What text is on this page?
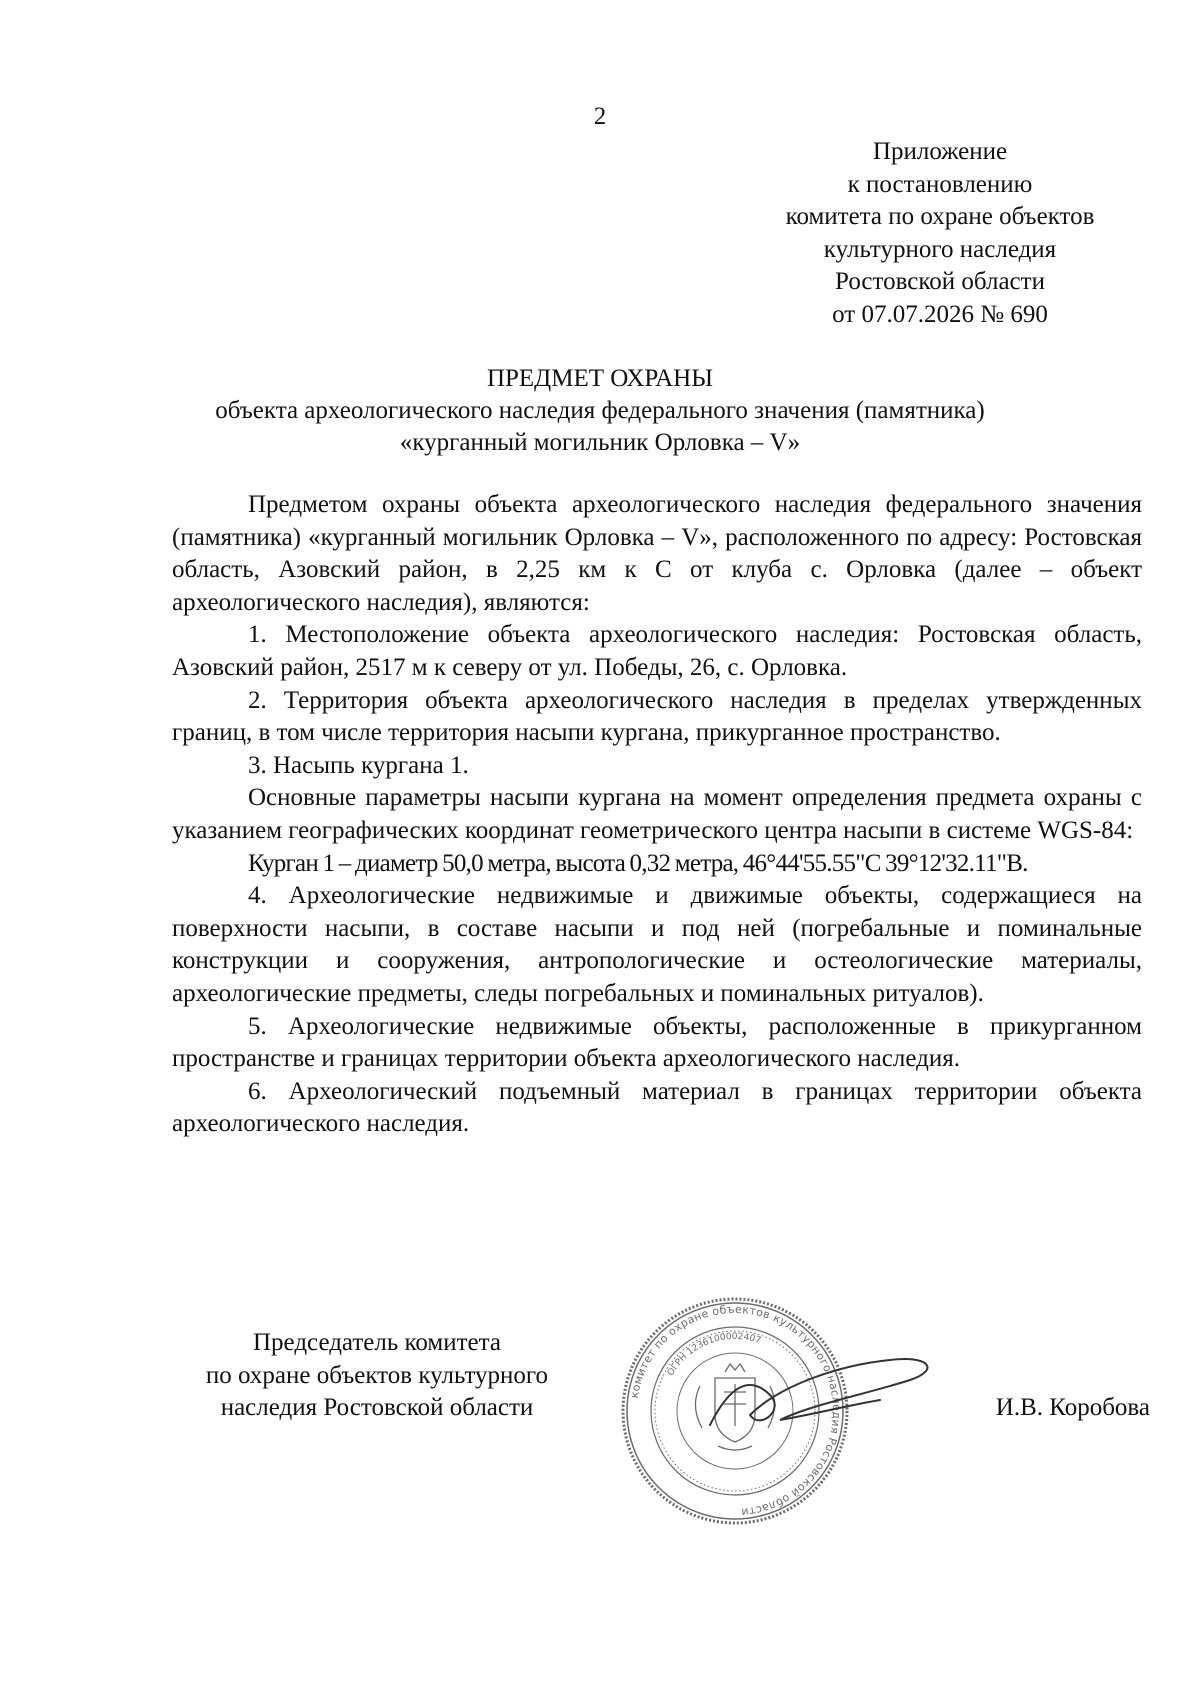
2
Приложение
к постановлению
комитета по охране объектов
культурного наследия
Ростовской области
от 07.07.2026 № 690
ПРЕДМЕТ ОХРАНЫ
объекта археологического наследия федерального значения (памятника)
«курганный могильник Орловка – V»

Предметом охраны объекта археологического наследия федерального значения (памятника) «курганный могильник Орловка – V», расположенного по адресу: Ростовская область, Азовский район, в 2,25 км к С от клуба с. Орловка (далее – объект археологического наследия), являются:

1. Местоположение объекта археологического наследия: Ростовская область, Азовский район, 2517 м к северу от ул. Победы, 26, с. Орловка.

2. Территория объекта археологического наследия в пределах утвержденных границ, в том числе территория насыпи кургана, прикурганное пространство.

3. Насыпь кургана 1.

Основные параметры насыпи кургана на момент определения предмета охраны с указанием географических координат геометрического центра насыпи в системе WGS-84:

Курган 1 – диаметр 50,0 метра, высота 0,32 метра, 46°44'55.55"С 39°12'32.11"В.

4. Археологические недвижимые и движимые объекты, содержащиеся на поверхности насыпи, в составе насыпи и под ней (погребальные и поминальные конструкции и сооружения, антропологические и остеологические материалы, археологические предметы, следы погребальных и поминальных ритуалов).

5. Археологические недвижимые объекты, расположенные в прикурганном пространстве и границах территории объекта археологического наследия.

6. Археологический подъемный материал в границах территории объекта археологического наследия.

Председатель комитета
по охране объектов культурного
наследия Ростовской области	комитет по охране объектов культурного наследия Ростовской области
ОГРН 1236100002407
И.В. Коробова
